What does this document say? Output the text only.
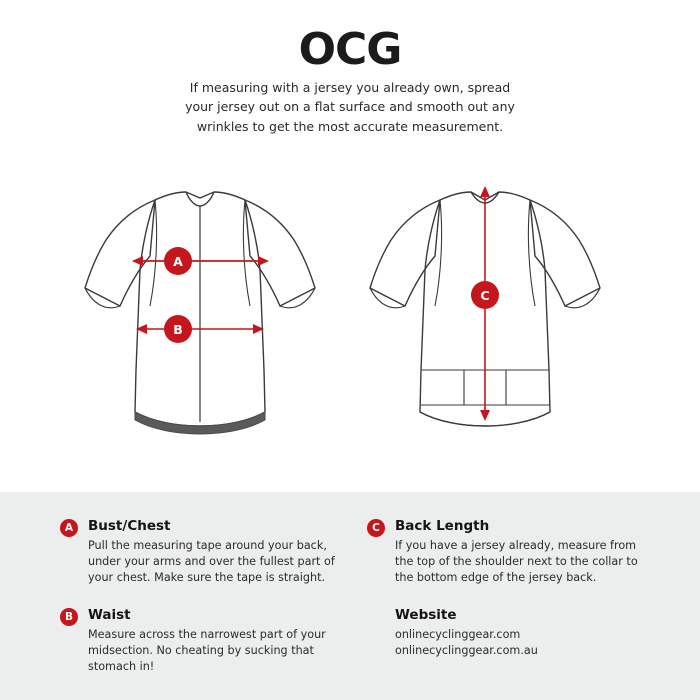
OCG
If measuring with a jersey you already own, spread your jersey out on a flat surface and smooth out any wrinkles to get the most accurate measurement.
A
B
C
A	Bust/Chest

Pull the measuring tape around your back, under your arms and over the fullest part of your chest. Make sure the tape is straight.

B	Waist

Measure across the narrowest part of your midsection. No cheating by sucking that stomach in!

C	Back Length

If you have a jersey already, measure from the top of the shoulder next to the collar to the bottom edge of the jersey back.

Website
onlinecyclinggear.com
onlinecyclinggear.com.au
